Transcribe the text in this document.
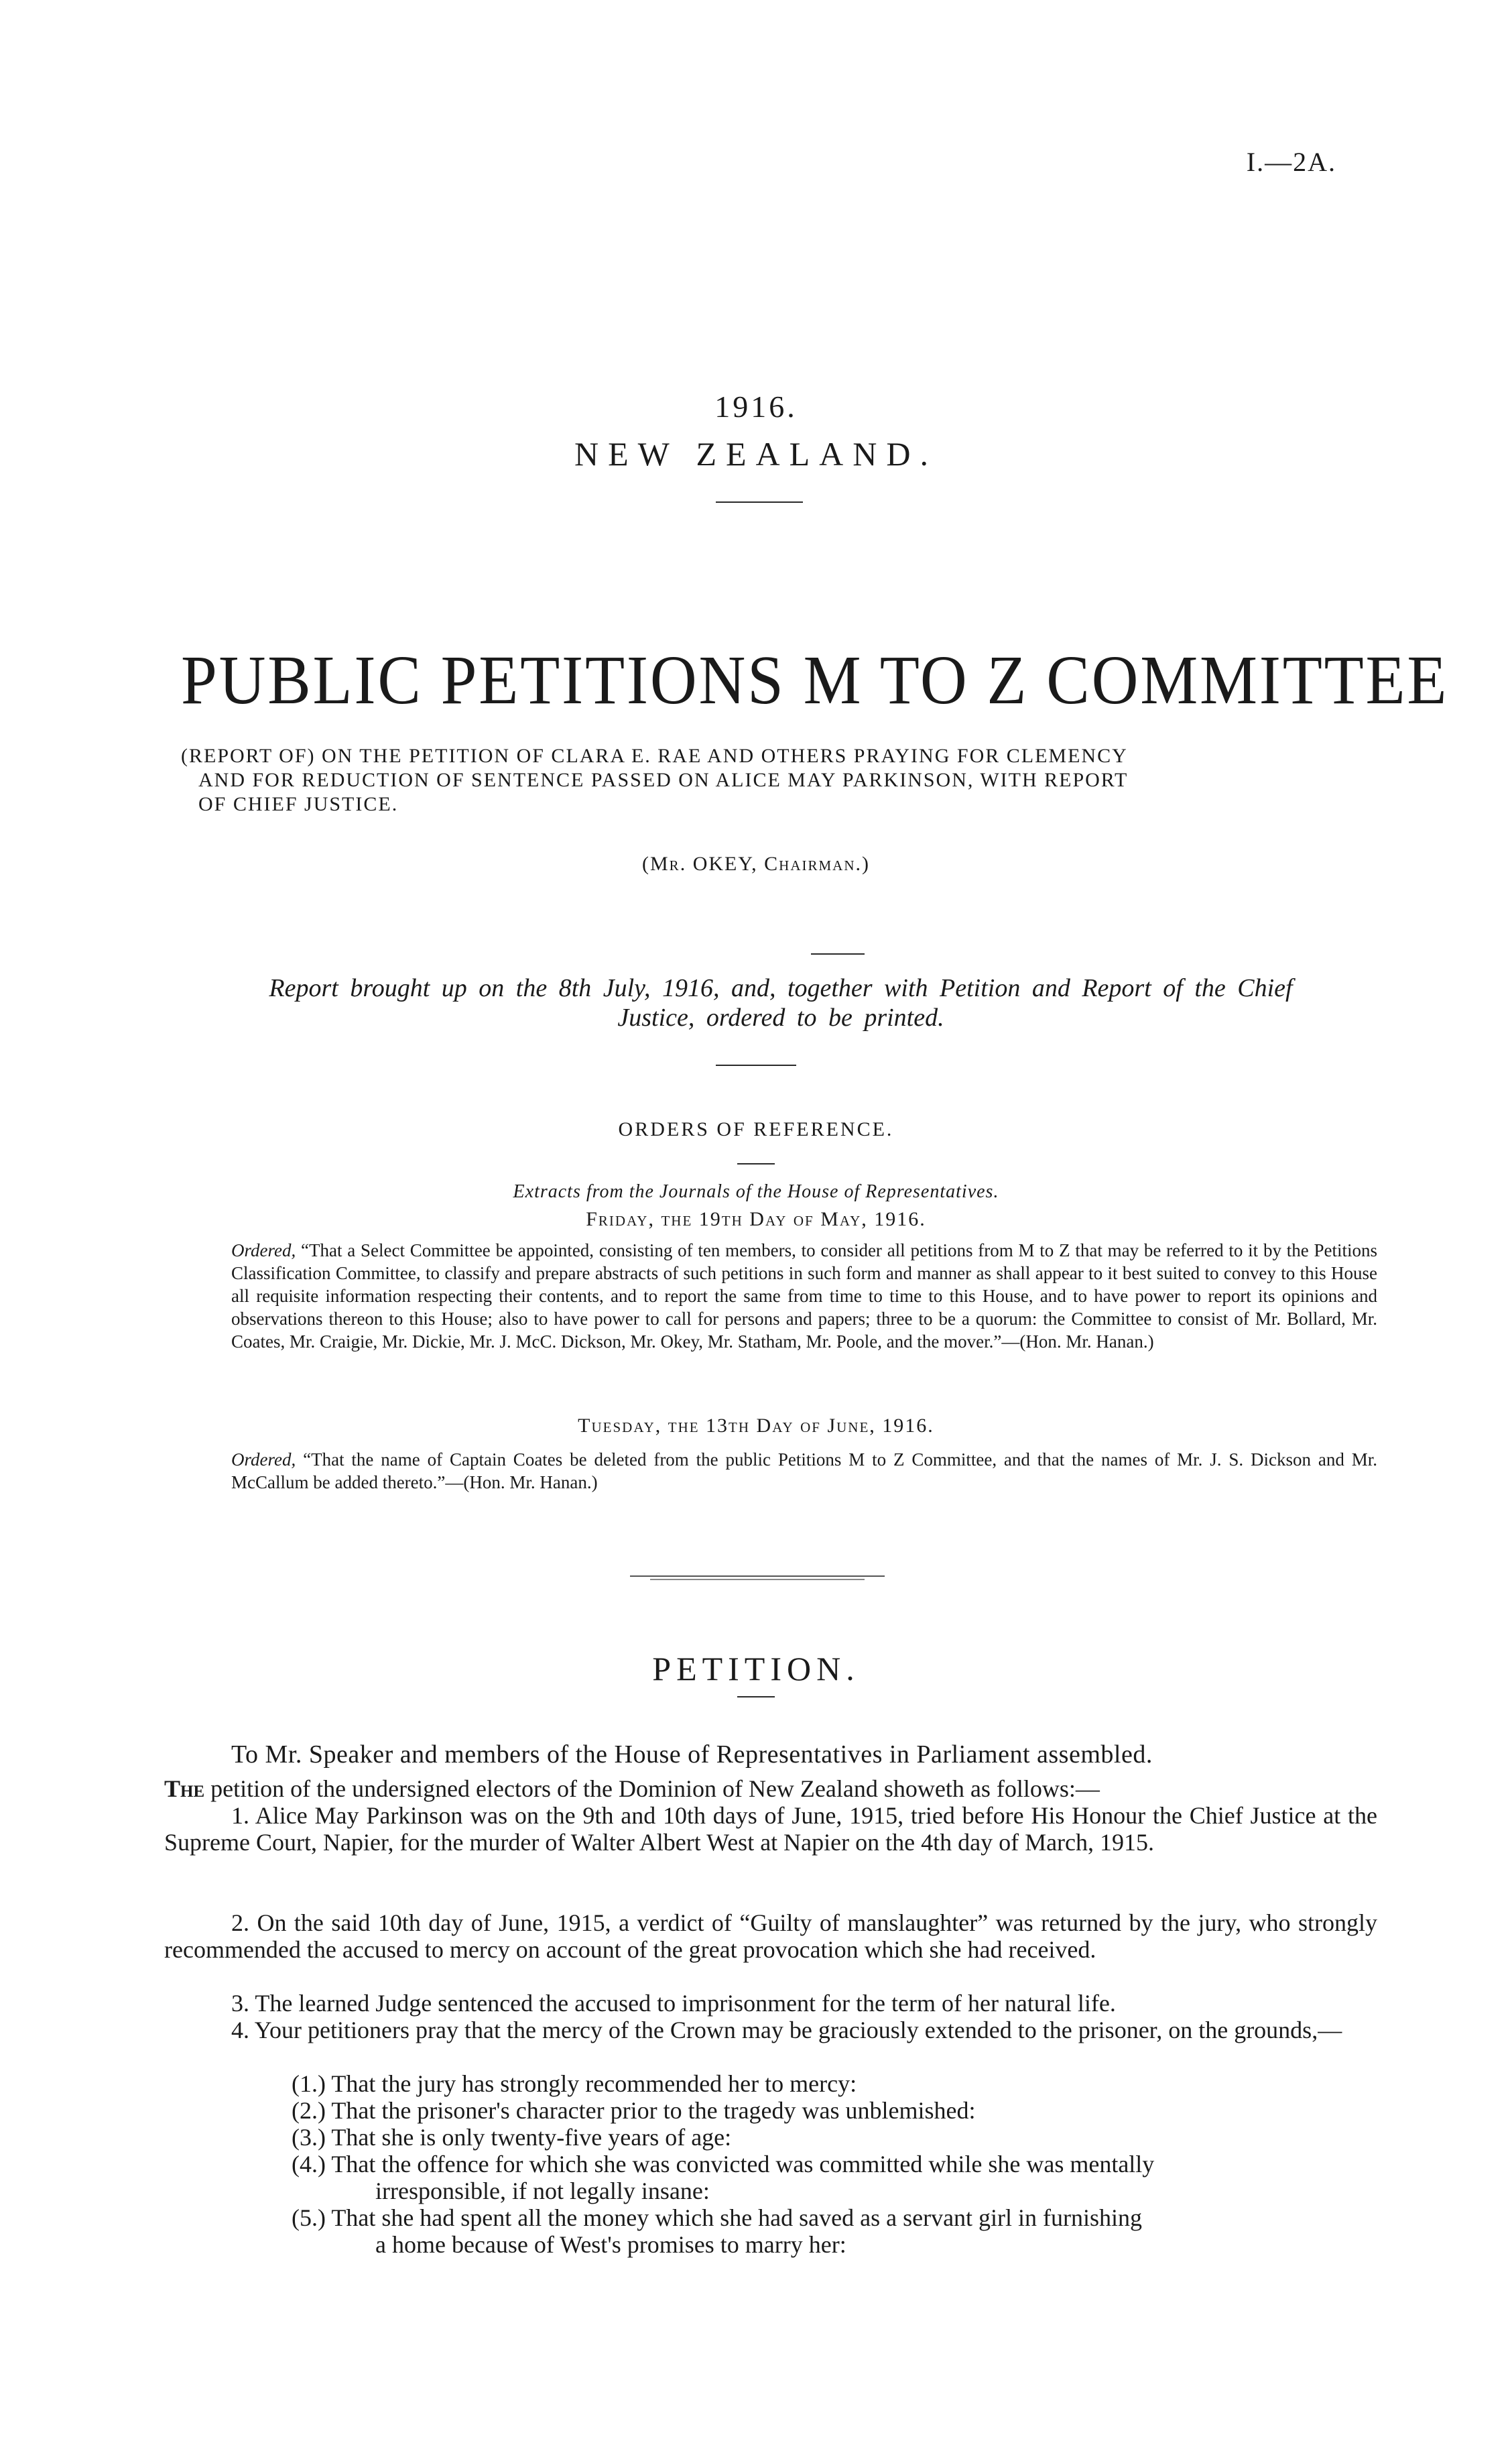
I.—2A.
1916.
NEW ZEALAND.
PUBLIC PETITIONS M TO Z COMMITTEE
(REPORT OF) ON THE PETITION OF CLARA E. RAE AND OTHERS PRAYING FOR CLEMENCY
AND FOR REDUCTION OF SENTENCE PASSED ON ALICE MAY PARKINSON, WITH REPORT
OF CHIEF JUSTICE.
(Mr. OKEY, Chairman.)
Report brought up on the 8th July, 1916, and, together with Petition and Report of the Chief
Justice, ordered to be printed.
ORDERS OF REFERENCE.
Extracts from the Journals of the House of Representatives.
Friday, the 19th Day of May, 1916.
Ordered, “That a Select Committee be appointed, consisting of ten members, to consider all petitions from M to Z that may be referred to it by the Petitions Classification Committee, to classify and prepare abstracts of such petitions in such form and manner as shall appear to it best suited to convey to this House all requisite information respecting their contents, and to report the same from time to time to this House, and to have power to report its opinions and observations thereon to this House; also to have power to call for persons and papers; three to be a quorum: the Committee to consist of Mr. Bollard, Mr. Coates, Mr. Craigie, Mr. Dickie, Mr. J. McC. Dickson, Mr. Okey, Mr. Statham, Mr. Poole, and the mover.”—(Hon. Mr. Hanan.)
Tuesday, the 13th Day of June, 1916.
Ordered, “That the name of Captain Coates be deleted from the public Petitions M to Z Committee, and that the names of Mr. J. S. Dickson and Mr. McCallum be added thereto.”—(Hon. Mr. Hanan.)
PETITION.
To Mr. Speaker and members of the House of Representatives in Parliament assembled.
The petition of the undersigned electors of the Dominion of New Zealand showeth as follows:—
1. Alice May Parkinson was on the 9th and 10th days of June, 1915, tried before His Honour the Chief Justice at the Supreme Court, Napier, for the murder of Walter Albert West at Napier on the 4th day of March, 1915.
2. On the said 10th day of June, 1915, a verdict of “Guilty of manslaughter” was returned by the jury, who strongly recommended the accused to mercy on account of the great provocation which she had received.
3. The learned Judge sentenced the accused to imprisonment for the term of her natural life.
4. Your petitioners pray that the mercy of the Crown may be graciously extended to the prisoner, on the grounds,—
(1.) That the jury has strongly recommended her to mercy:
(2.) That the prisoner's character prior to the tragedy was unblemished:
(3.) That she is only twenty-five years of age:
(4.) That the offence for which she was convicted was committed while she was mentally
irresponsible, if not legally insane:
(5.) That she had spent all the money which she had saved as a servant girl in furnishing
a home because of West's promises to marry her:
